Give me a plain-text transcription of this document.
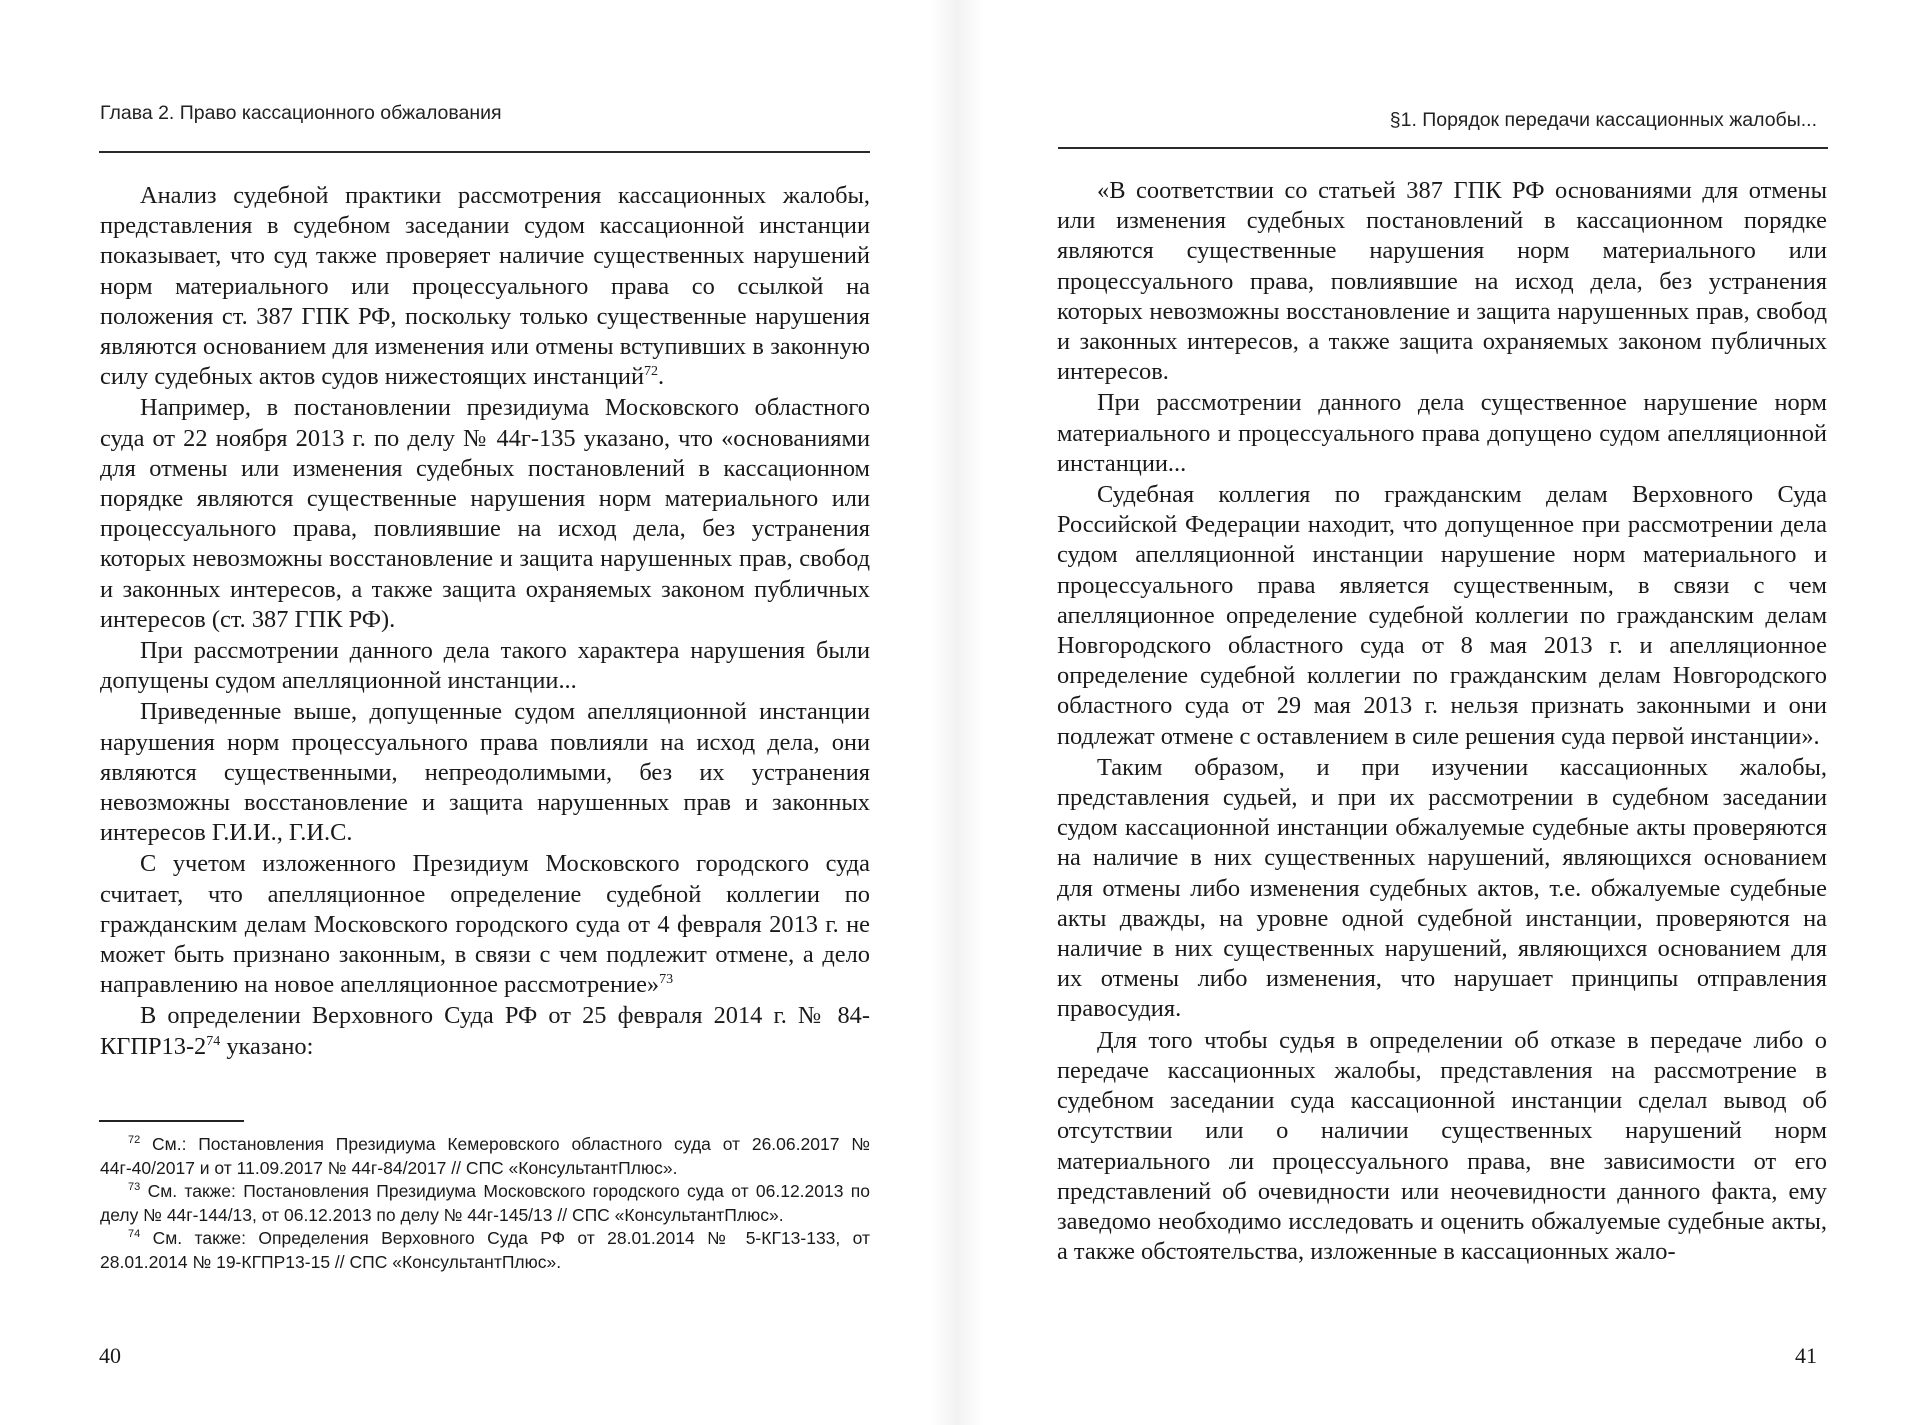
Глава 2. Право кассационного обжалования

Анализ судебной практики рассмотрения кассационных жалобы, представления в судебном заседании судом кассационной инстанции показывает, что суд также проверяет наличие существенных нарушений норм материального или процессуального права со ссылкой на положения ст. 387 ГПК РФ, поскольку только существенные нарушения являются основанием для изменения или отмены вступивших в законную силу судебных актов судов нижестоящих инстанций$^{72}$.

Например, в постановлении президиума Московского областного суда от 22 ноября 2013 г. по делу № 44г-135 указано, что «основаниями для отмены или изменения судебных постановлений в кассационном порядке являются существенные нарушения норм материального или процессуального права, повлиявшие на исход дела, без устранения которых невозможны восстановление и защита нарушенных прав, свобод и законных интересов, а также защита охраняемых законом публичных интересов (ст. 387 ГПК РФ).

При рассмотрении данного дела такого характера нарушения были допущены судом апелляционной инстанции...

Приведенные выше, допущенные судом апелляционной инстанции нарушения норм процессуального права повлияли на исход дела, они являются существенными, непреодолимыми, без их устранения невозможны восстановление и защита нарушенных прав и законных интересов Г.И.И., Г.И.С.

С учетом изложенного Президиум Московского городского суда считает, что апелляционное определение судебной коллегии по гражданским делам Московского городского суда от 4 февраля 2013 г. не может быть признано законным, в связи с чем подлежит отмене, а дело направлению на новое апелляционное рассмотрение»$^{73}$

В определении Верховного Суда РФ от 25 февраля 2014 г. № $84-КГПР13-2^{74}$ указано:

$^{72}$ См.: Постановления Президиума Кемеровского областного суда от 26.06.2017 № 44г-40/2017 и от 11.09.2017 № 44г-84/2017 // СПС «КонсультантПлюс».

$^{73}$ См. также: Постановления Президиума Московского городского суда от 06.12.2013 по делу № 44г-144/13, от 06.12.2013 по делу № 44г-145/13 // СПС «КонсультантПлюс».

$^{74}$ См. также: Определения Верховного Суда РФ от 28.01.2014 № 5-КГ13-133, от 28.01.2014 № 19-КГПР13-15 // СПС «КонсультантПлюс».

40
§1. Порядок передачи кассационных жалобы...

«В соответствии со статьей 387 ГПК РФ основаниями для отмены или изменения судебных постановлений в кассационном порядке являются существенные нарушения норм материального или процессуального права, повлиявшие на исход дела, без устранения которых невозможны восстановление и защита нарушенных прав, свобод и законных интересов, а также защита охраняемых законом публичных интересов.

При рассмотрении данного дела существенное нарушение норм материального и процессуального права допущено судом апелляционной инстанции...

Судебная коллегия по гражданским делам Верховного Суда Российской Федерации находит, что допущенное при рассмотрении дела судом апелляционной инстанции нарушение норм материального и процессуального права является существенным, в связи с чем апелляционное определение судебной коллегии по гражданским делам Новгородского областного суда от 8 мая 2013 г. и апелляционное определение судебной коллегии по гражданским делам Новгородского областного суда от 29 мая 2013 г. нельзя признать законными и они подлежат отмене с оставлением в силе решения суда первой инстанции».

Таким образом, и при изучении кассационных жалобы, представления судьей, и при их рассмотрении в судебном заседании судом кассационной инстанции обжалуемые судебные акты проверяются на наличие в них существенных нарушений, являющихся основанием для отмены либо изменения судебных актов, т.е. обжалуемые судебные акты дважды, на уровне одной судебной инстанции, проверяются на наличие в них существенных нарушений, являющихся основанием для их отмены либо изменения, что нарушает принципы отправления правосудия.

Для того чтобы судья в определении об отказе в передаче либо о передаче кассационных жалобы, представления на рассмотрение в судебном заседании суда кассационной инстанции сделал вывод об отсутствии или о наличии существенных нарушений норм материального ли процессуального права, вне зависимости от его представлений об очевидности или неочевидности данного факта, ему заведомо необходимо исследовать и оценить обжалуемые судебные акты, а также обстоятельства, изложенные в кассационных жало-

41
